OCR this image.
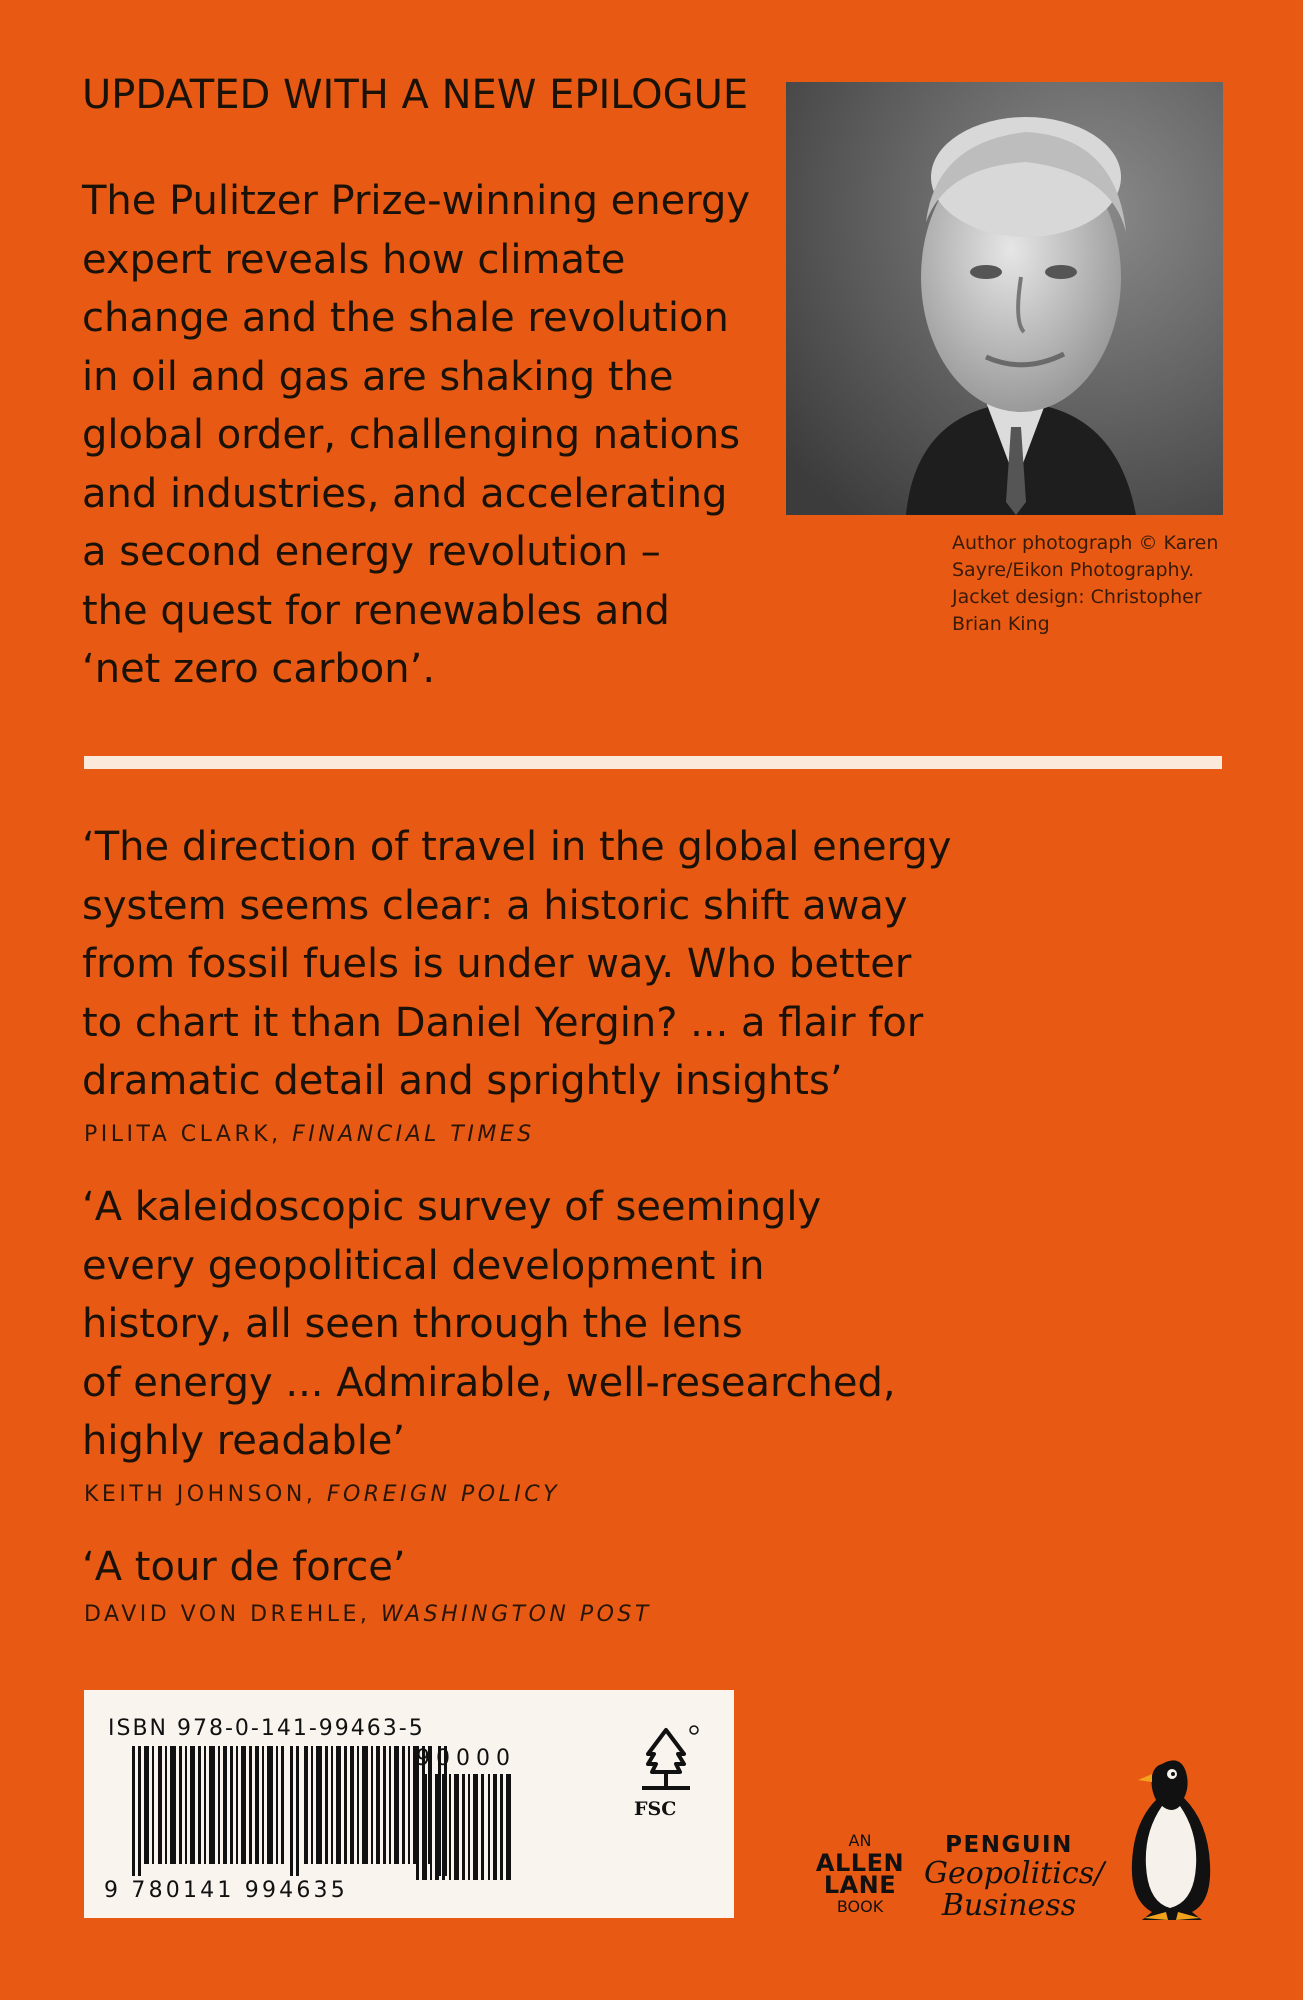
UPDATED WITH A NEW EPILOGUE
The Pulitzer Prize-winning energy
expert reveals how climate
change and the shale revolution
in oil and gas are shaking the
global order, challenging nations
and industries, and accelerating
a second energy revolution –
the quest for renewables and
‘net zero carbon’.
Author photograph © Karen
Sayre/Eikon Photography.
Jacket design: Christopher
Brian King
‘The direction of travel in the global energy
system seems clear: a historic shift away
from fossil fuels is under way. Who better
to chart it than Daniel Yergin? ... a flair for
dramatic detail and sprightly insights’
PILITA CLARK, FINANCIAL TIMES
‘A kaleidoscopic survey of seemingly
every geopolitical development in
history, all seen through the lens
of energy ... Admirable, well-researched,
highly readable’
KEITH JOHNSON, FOREIGN POLICY
‘A tour de force’
DAVID VON DREHLE, WASHINGTON POST
ISBN 978-0-141-99463-5
90000
9 780141 994635
FSC
AN
ALLEN
LANE
BOOK
PENGUIN
Geopolitics/
Business
